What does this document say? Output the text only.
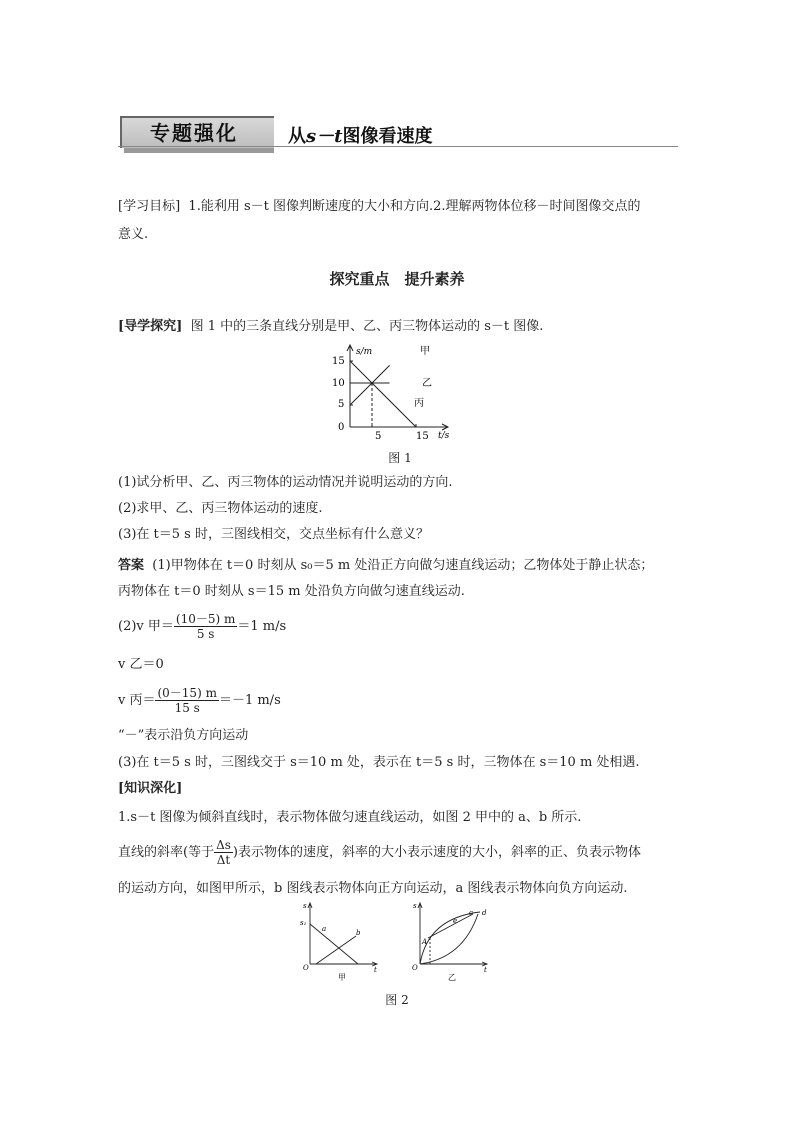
专题强化	从s－t图像看速度
[学习目标] 1.能利用 s－t 图像判断速度的大小和方向.2.理解两物体位移－时间图像交点的
意义.
探究重点　提升素养
[导学探究] 图 1 中的三条直线分别是甲、乙、丙三物体运动的 s－t 图像.
s/m
t/s
15
10
5
0
5	15
甲
乙
丙
图 1
(1)试分析甲、乙、丙三物体的运动情况并说明运动的方向.
(2)求甲、乙、丙三物体运动的速度.
(3)在 t＝5 s 时，三图线相交，交点坐标有什么意义？
答案 (1)甲物体在 t＝0 时刻从 s₀＝5 m 处沿正方向做匀速直线运动；乙物体处于静止状态；
丙物体在 t＝0 时刻从 s＝15 m 处沿负方向做匀速直线运动.
(2)v 甲＝ $\frac{(10-5) m}{5 s} =1$ m/s
v 乙＝0
v 丙＝ $\frac{(0-15) m}{15 s} =-1$ m/s
“－”表示沿负方向运动
(3)在 t＝5 s 时，三图线交于 s＝10 m 处，表示在 t＝5 s 时，三物体在 s＝10 m 处相遇.
[知识深化]
1.s－t 图像为倾斜直线时，表示物体做匀速直线运动，如图 2 甲中的 a、b 所示.
直线的斜率(等于 $\frac{\Delta s}{\Delta t}$ )表示物体的速度，斜率的大小表示速度的大小，斜率的正、负表示物体
的运动方向，如图甲所示，b 图线表示物体向正方向运动，a 图线表示物体向负方向运动.
s
s₁
a	b
O	t
甲
s
A
e
c d
O	t
乙
图 2
